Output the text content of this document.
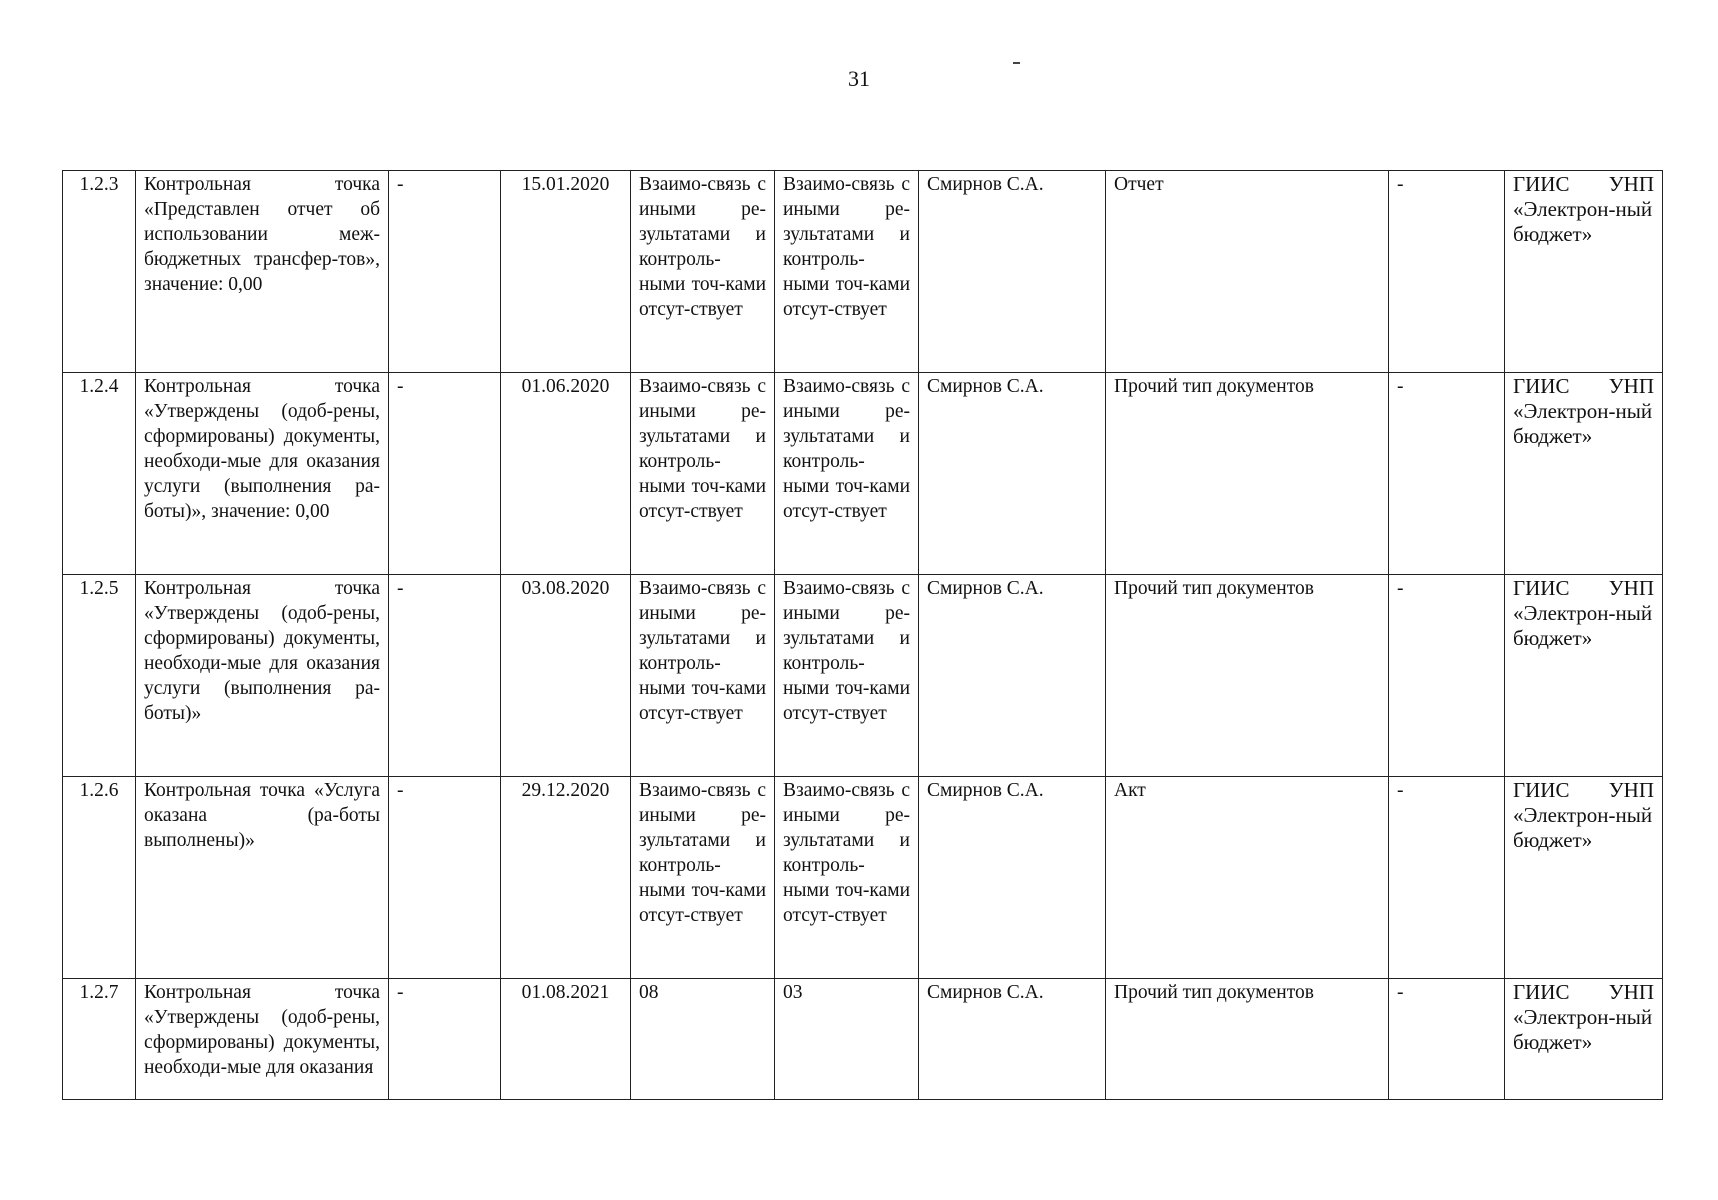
31
1.2.3	Контрольная точка «Представлен отчет об использовании меж-бюджетных трансфер-тов», значение: 0,00	-	15.01.2020	Взаимо-связь с иными ре-зультатами и контроль-ными точ-ками отсут-ствует	Взаимо-связь с иными ре-зультатами и контроль-ными точ-ками отсут-ствует	Смирнов С.А.	Отчет	-	ГИИС УНП «Электрон-ный бюджет»
1.2.4	Контрольная точка «Утверждены (одоб-рены, сформированы) документы, необходи-мые для оказания услуги (выполнения ра-боты)», значение: 0,00	-	01.06.2020	Взаимо-связь с иными ре-зультатами и контроль-ными точ-ками отсут-ствует	Взаимо-связь с иными ре-зультатами и контроль-ными точ-ками отсут-ствует	Смирнов С.А.	Прочий тип документов	-	ГИИС УНП «Электрон-ный бюджет»
1.2.5	Контрольная точка «Утверждены (одоб-рены, сформированы) документы, необходи-мые для оказания услуги (выполнения ра-боты)»	-	03.08.2020	Взаимо-связь с иными ре-зультатами и контроль-ными точ-ками отсут-ствует	Взаимо-связь с иными ре-зультатами и контроль-ными точ-ками отсут-ствует	Смирнов С.А.	Прочий тип документов	-	ГИИС УНП «Электрон-ный бюджет»
1.2.6	Контрольная точка «Услуга оказана (ра-боты выполнены)»	-	29.12.2020	Взаимо-связь с иными ре-зультатами и контроль-ными точ-ками отсут-ствует	Взаимо-связь с иными ре-зультатами и контроль-ными точ-ками отсут-ствует	Смирнов С.А.	Акт	-	ГИИС УНП «Электрон-ный бюджет»
1.2.7	Контрольная точка «Утверждены (одоб-рены, сформированы) документы, необходи-мые для оказания	-	01.08.2021	08	03	Смирнов С.А.	Прочий тип документов	-	ГИИС УНП «Электрон-ный бюджет»
